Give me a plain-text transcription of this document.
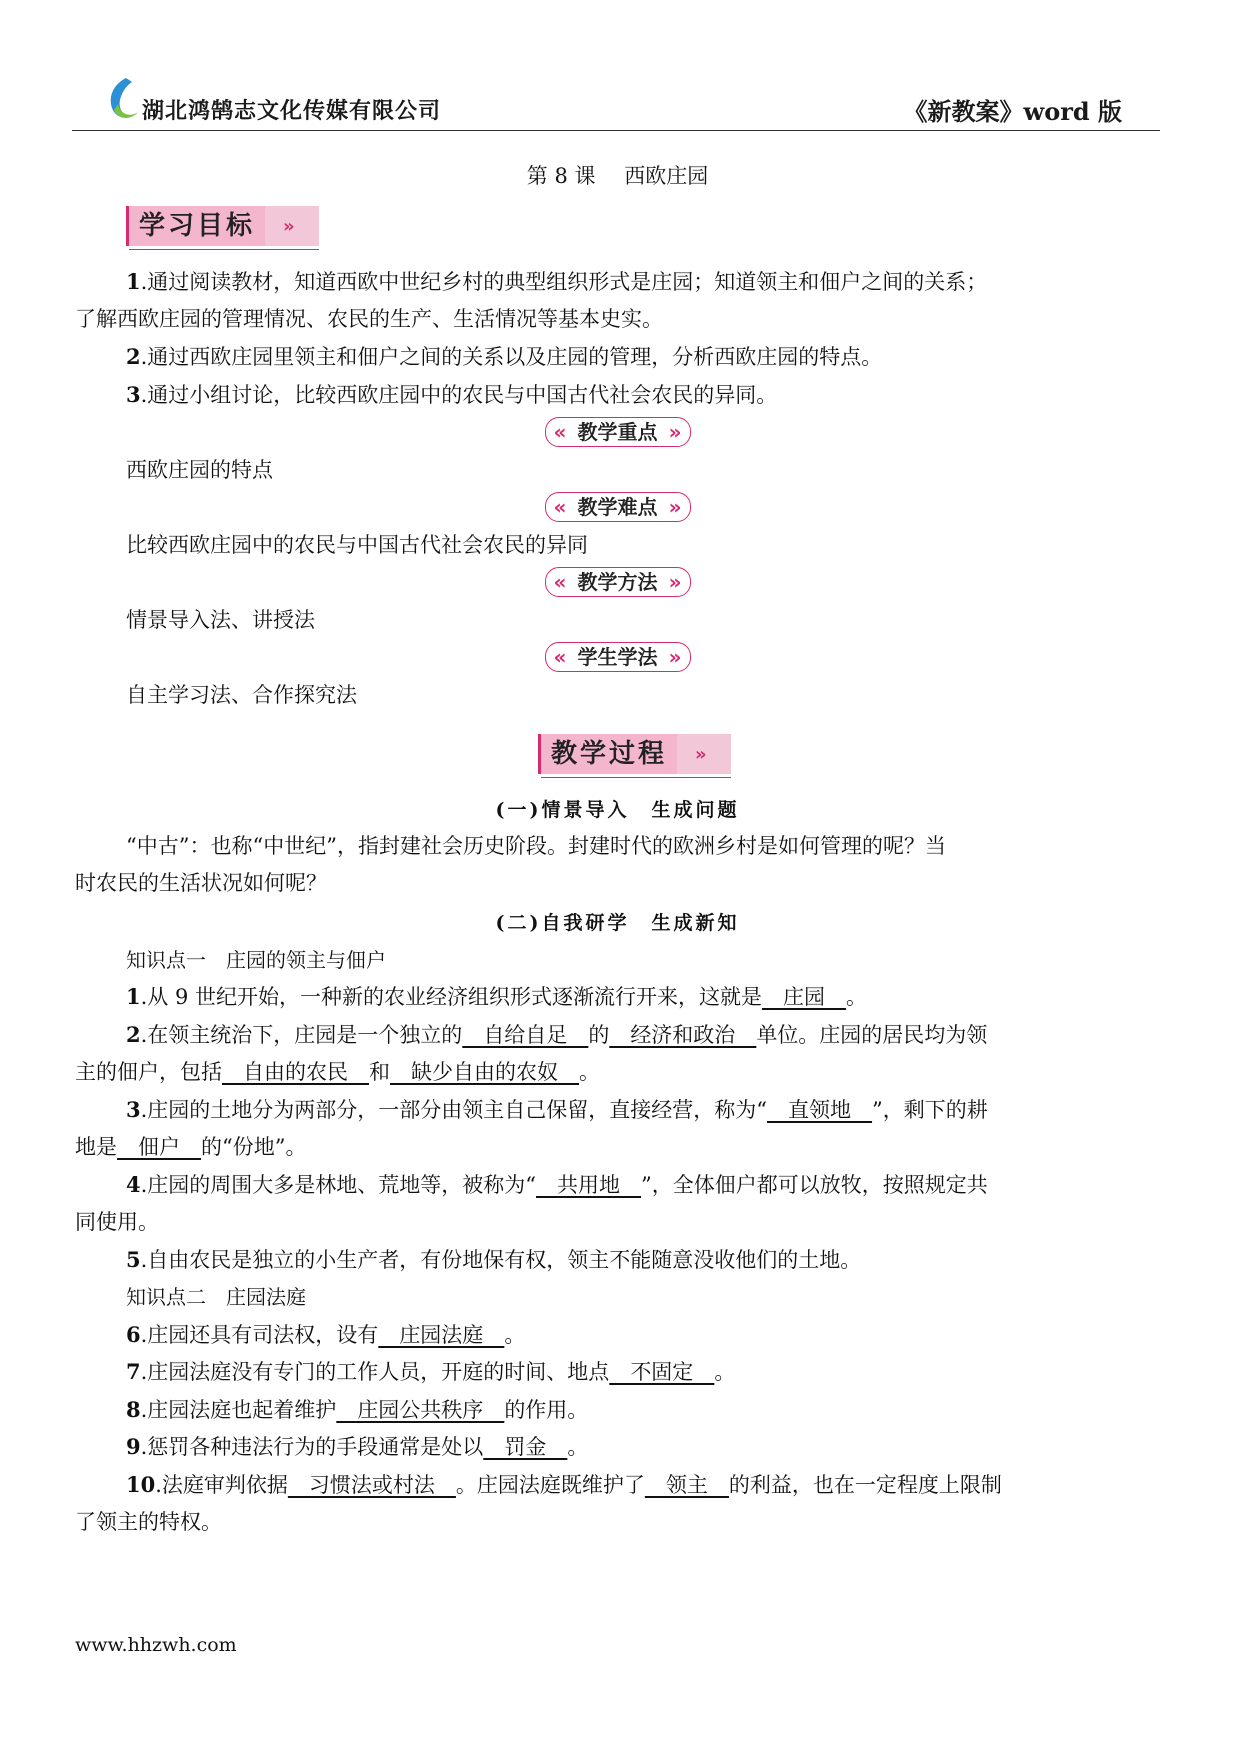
湖北鸿鹄志文化传媒有限公司	《新教案》word 版
第 8 课 西欧庄园
学习目标	»
1.通过阅读教材，知道西欧中世纪乡村的典型组织形式是庄园；知道领主和佃户之间的关系；
了解西欧庄园的管理情况、农民的生产、生活情况等基本史实。
2.通过西欧庄园里领主和佃户之间的关系以及庄园的管理，分析西欧庄园的特点。
3.通过小组讨论，比较西欧庄园中的农民与中国古代社会农民的异同。
« 教学重点 »
西欧庄园的特点
« 教学难点 »
比较西欧庄园中的农民与中国古代社会农民的异同
« 教学方法 »
情景导入法、讲授法
« 学生学法 »
自主学习法、合作探究法
教学过程	»
(一)情景导入　生成问题
“中古”：也称“中世纪”，指封建社会历史阶段。封建时代的欧洲乡村是如何管理的呢？当
时农民的生活状况如何呢？
(二)自我研学　生成新知
知识点一　庄园的领主与佃户
1.从 9 世纪开始，一种新的农业经济组织形式逐渐流行开来，这就是__庄园__。
2.在领主统治下，庄园是一个独立的__自给自足__的__经济和政治__单位。庄园的居民均为领
主的佃户，包括__自由的农民__和__缺少自由的农奴__。
3.庄园的土地分为两部分，一部分由领主自己保留，直接经营，称为“__直领地__”，剩下的耕
地是__佃户__的“份地”。
4.庄园的周围大多是林地、荒地等，被称为“__共用地__”，全体佃户都可以放牧，按照规定共
同使用。
5.自由农民是独立的小生产者，有份地保有权，领主不能随意没收他们的土地。
知识点二　庄园法庭
6.庄园还具有司法权，设有__庄园法庭__。
7.庄园法庭没有专门的工作人员，开庭的时间、地点__不固定__。
8.庄园法庭也起着维护__庄园公共秩序__的作用。
9.惩罚各种违法行为的手段通常是处以__罚金__。
10.法庭审判依据__习惯法或村法__。庄园法庭既维护了__领主__的利益，也在一定程度上限制
了领主的特权。
www.hhzwh.com
